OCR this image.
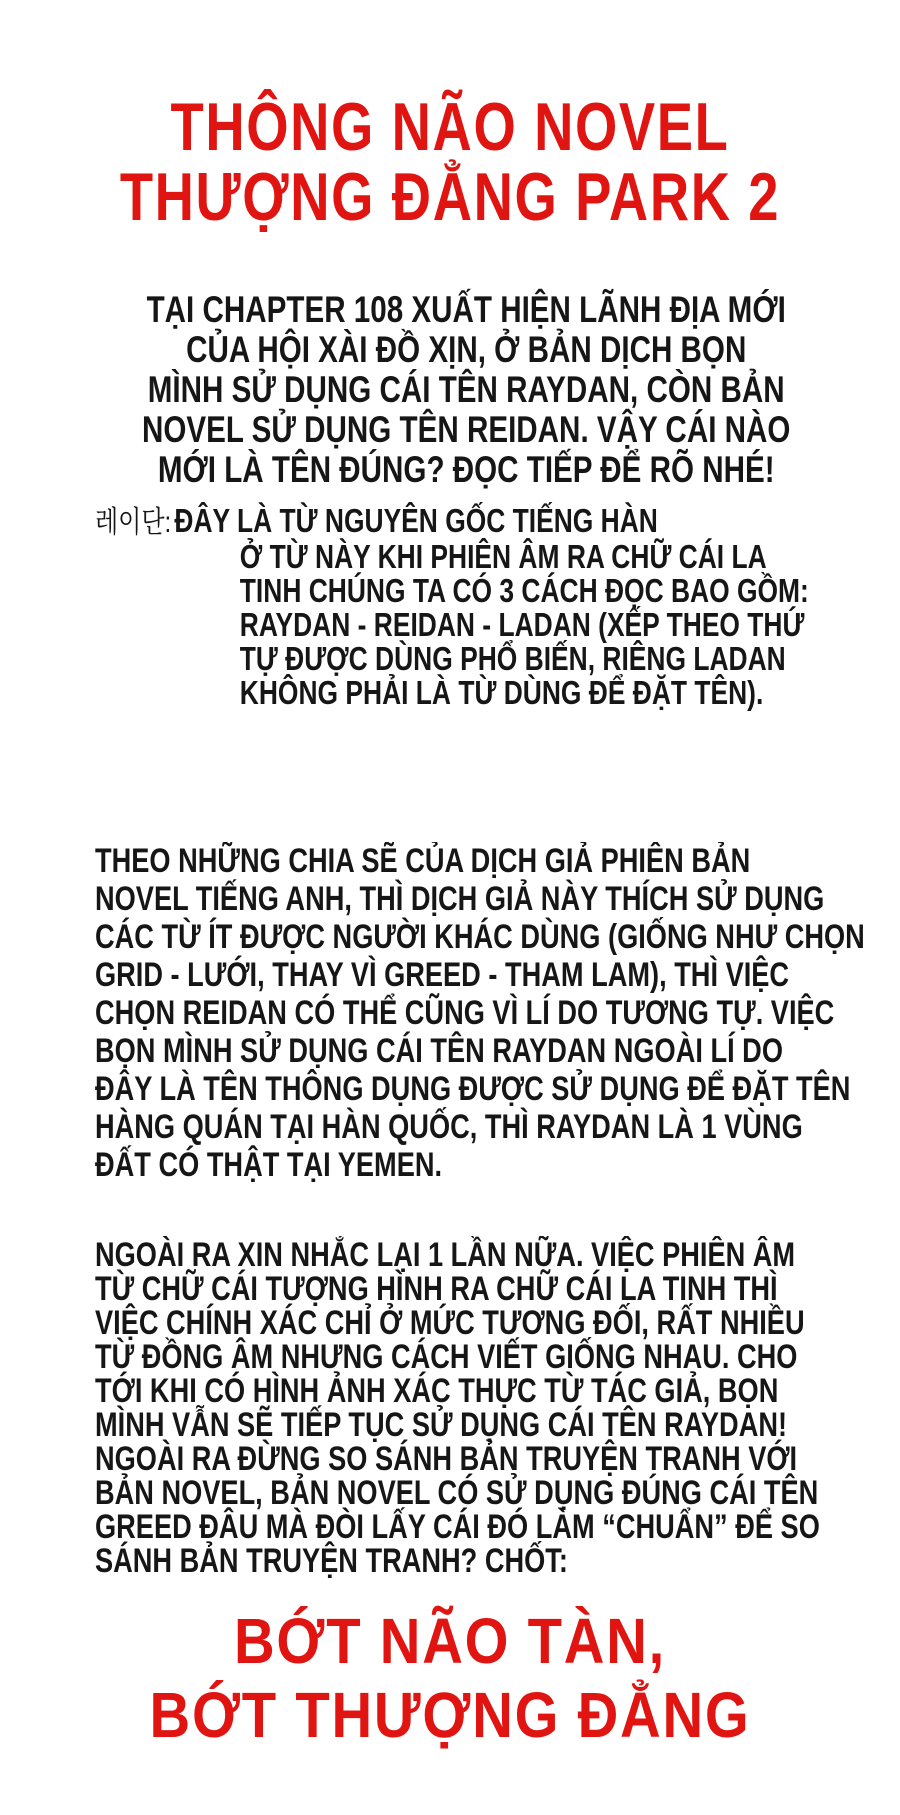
THÔNG NÃO NOVEL
THƯỢNG ĐẲNG PARK 2
TẠI CHAPTER 108 XUẤT HIỆN LÃNH ĐỊA MỚI
CỦA HỘI XÀI ĐỒ XỊN, Ở BẢN DỊCH BỌN
MÌNH SỬ DỤNG CÁI TÊN RAYDAN, CÒN BẢN
NOVEL SỬ DỤNG TÊN REIDAN. VẬY CÁI NÀO
MỚI LÀ TÊN ĐÚNG? ĐỌC TIẾP ĐỂ RÕ NHÉ!
레이단:ĐÂY LÀ TỪ NGUYÊN GỐC TIẾNG HÀN
Ở TỪ NÀY KHI PHIÊN ÂM RA CHỮ CÁI LA
TINH CHÚNG TA CÓ 3 CÁCH ĐỌC BAO GỒM:
RAYDAN - REIDAN - LADAN (XẾP THEO THỨ
TỰ ĐƯỢC DÙNG PHỔ BIẾN, RIÊNG LADAN
KHÔNG PHẢI LÀ TỪ DÙNG ĐỂ ĐẶT TÊN).
THEO NHỮNG CHIA SẼ CỦA DỊCH GIẢ PHIÊN BẢN
NOVEL TIẾNG ANH, THÌ DỊCH GIẢ NÀY THÍCH SỬ DỤNG
CÁC TỪ ÍT ĐƯỢC NGƯỜI KHÁC DÙNG (GIỐNG NHƯ CHỌN
GRID - LƯỚI, THAY VÌ GREED - THAM LAM), THÌ VIỆC
CHỌN REIDAN CÓ THỂ CŨNG VÌ LÍ DO TƯƠNG TỰ. VIỆC
BỌN MÌNH SỬ DỤNG CÁI TÊN RAYDAN NGOÀI LÍ DO
ĐÂY LÀ TÊN THÔNG DỤNG ĐƯỢC SỬ DỤNG ĐỂ ĐẶT TÊN
HÀNG QUÁN TẠI HÀN QUỐC, THÌ RAYDAN LÀ 1 VÙNG
ĐẤT CÓ THẬT TẠI YEMEN.
NGOÀI RA XIN NHẮC LẠI 1 LẦN NỮA. VIỆC PHIÊN ÂM
TỪ CHỮ CÁI TƯỢNG HÌNH RA CHỮ CÁI LA TINH THÌ
VIỆC CHÍNH XÁC CHỈ Ở MỨC TƯƠNG ĐỐI, RẤT NHIỀU
TỪ ĐỒNG ÂM NHƯNG CÁCH VIẾT GIỐNG NHAU. CHO
TỚI KHI CÓ HÌNH ẢNH XÁC THỰC TỪ TÁC GIẢ, BỌN
MÌNH VẪN SẼ TIẾP TỤC SỬ DỤNG CÁI TÊN RAYDAN!
NGOÀI RA ĐỪNG SO SÁNH BẢN TRUYỆN TRANH VỚI
BẢN NOVEL, BẢN NOVEL CÓ SỬ DỤNG ĐÚNG CÁI TÊN
GREED ĐÂU MÀ ĐÒI LẤY CÁI ĐÓ LÀM “CHUẨN” ĐỂ SO
SÁNH BẢN TRUYỆN TRANH? CHỐT:
BỚT NÃO TÀN,
BỚT THƯỢNG ĐẲNG
